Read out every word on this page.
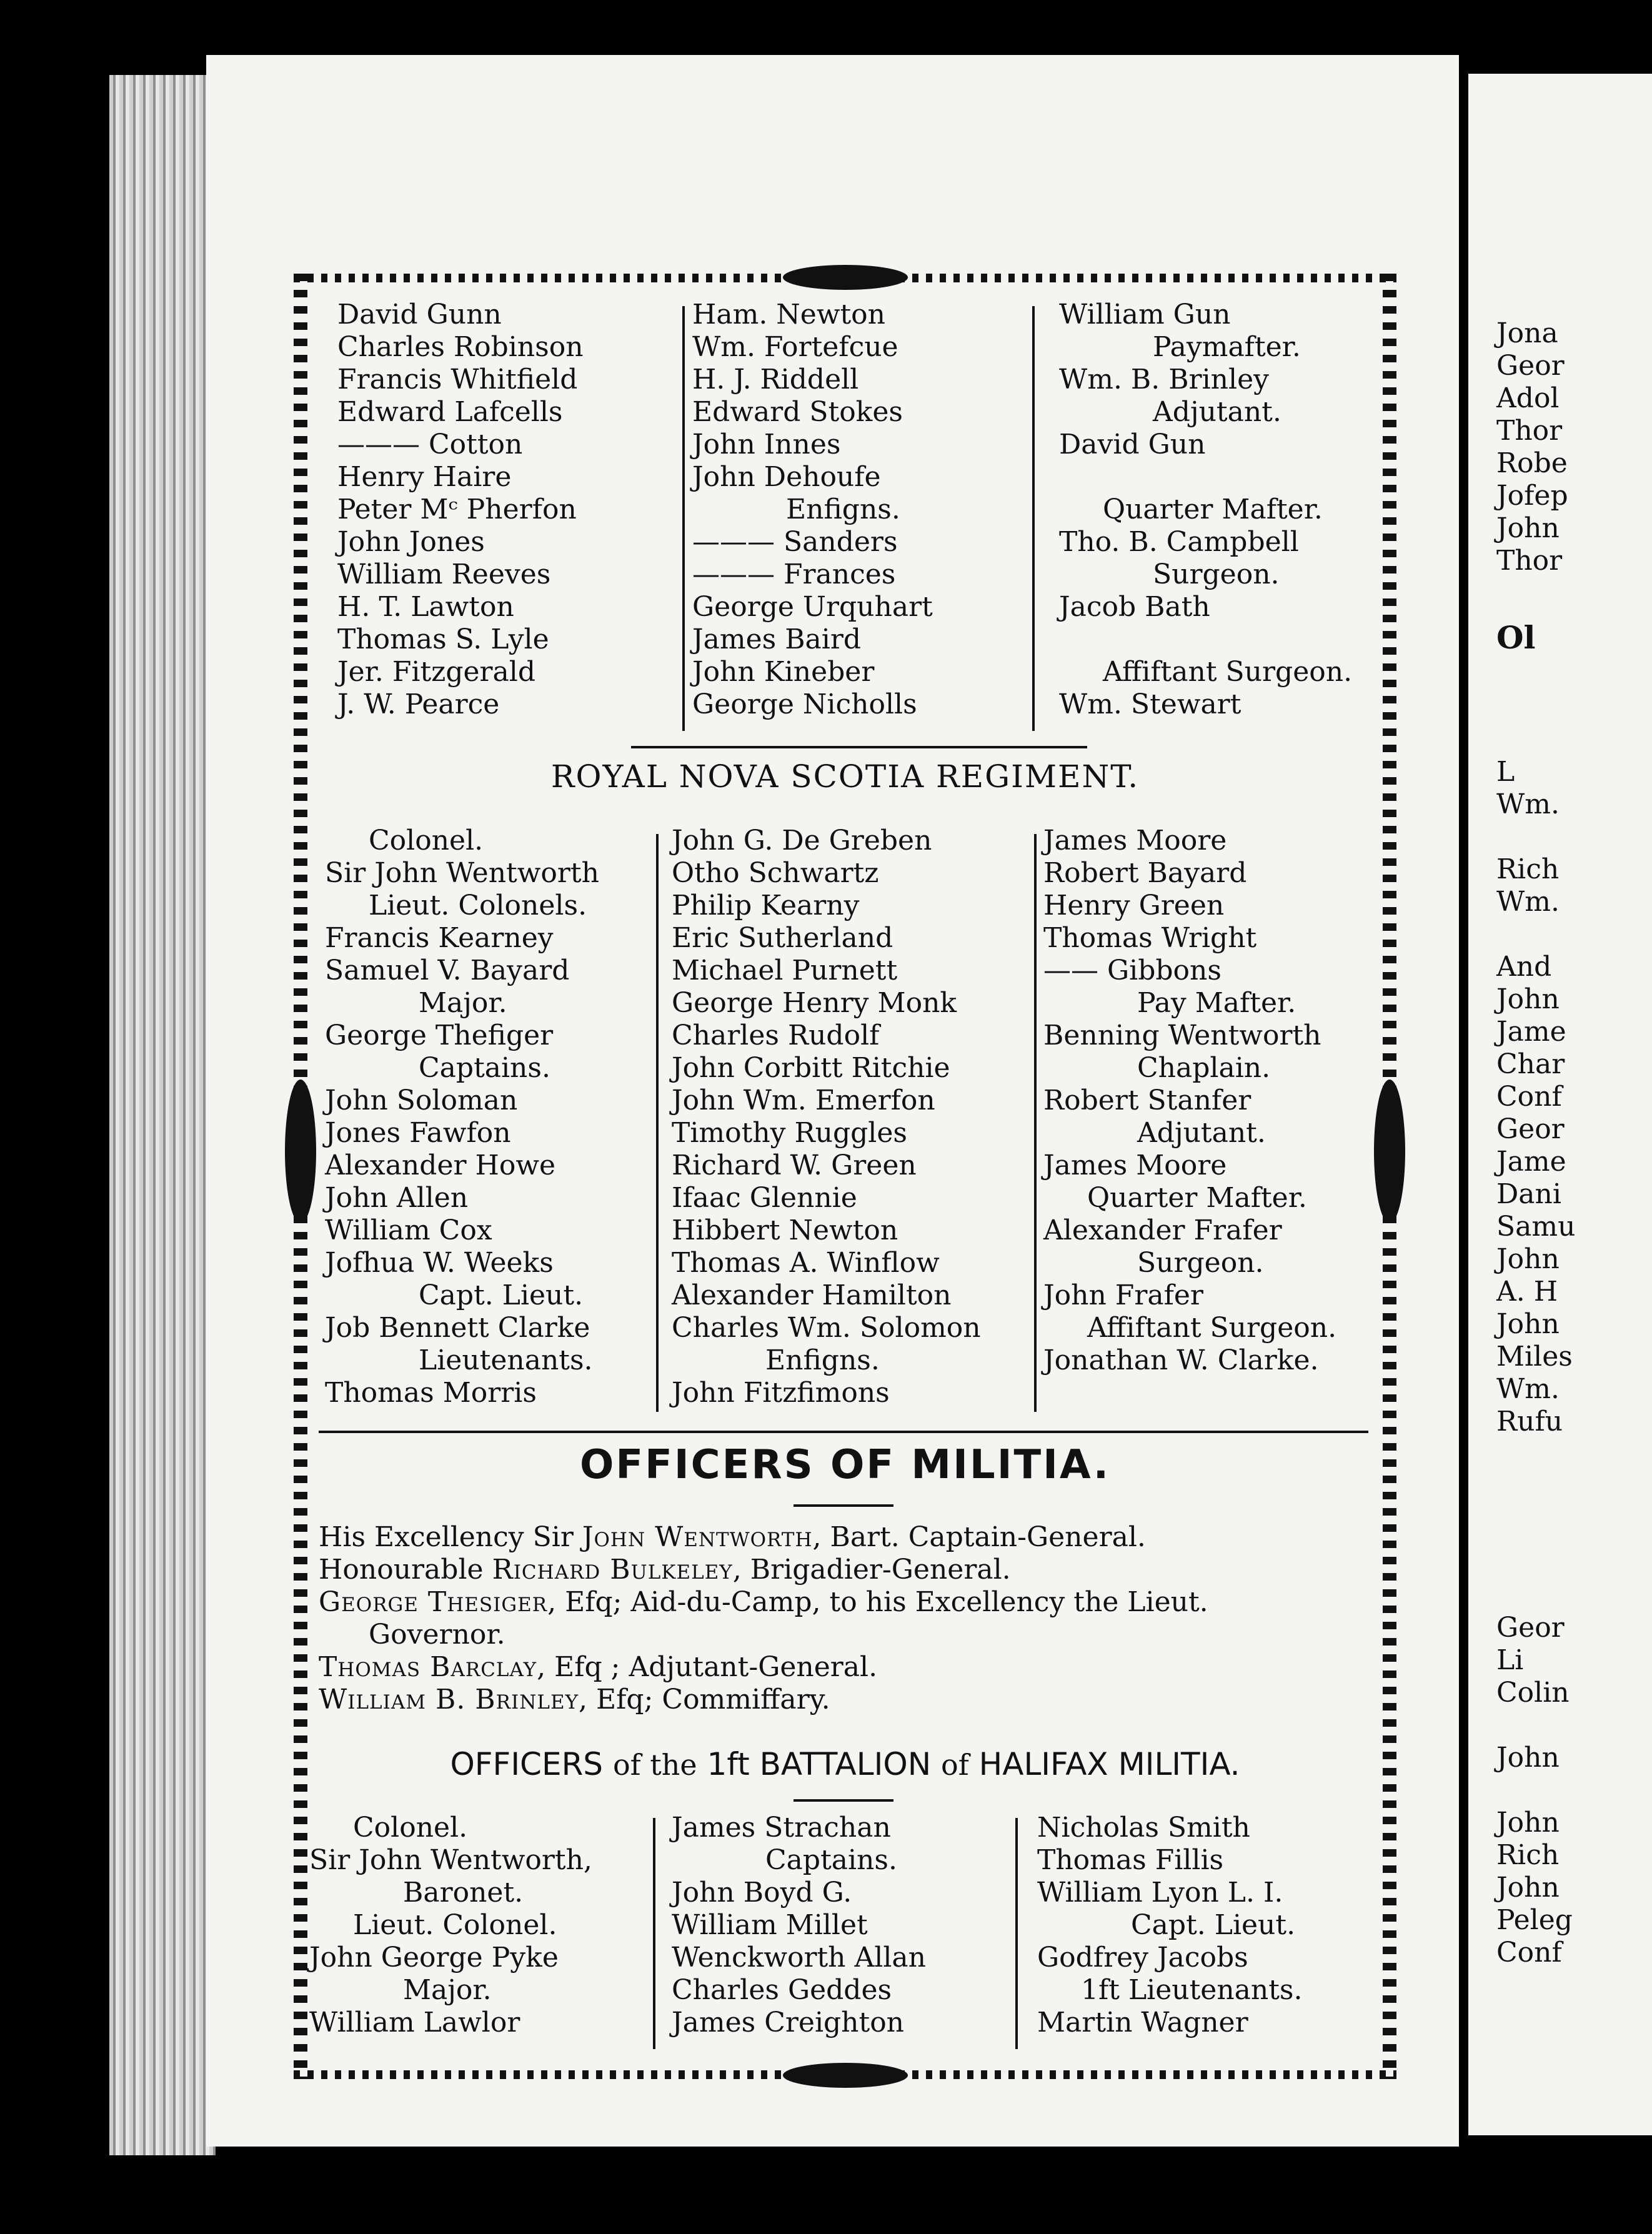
David Gunn
Charles Robinson
Francis Whitfield
Edward Lafcells
——— Cotton
Henry Haire
Peter Mᶜ Pherfon
John Jones
William Reeves
H. T. Lawton
Thomas S. Lyle
Jer. Fitzgerald
J. W. Pearce
Ham. Newton
Wm. Fortefcue
H. J. Riddell
Edward Stokes
John Innes
John Dehoufe
Enfigns.
——— Sanders
——— Frances
George Urquhart
James Baird
John Kineber
George Nicholls
William Gun
Paymafter.
Wm. B. Brinley
Adjutant.
David Gun

Quarter Mafter.
Tho. B. Campbell
Surgeon.
Jacob Bath

Affiftant Surgeon.
Wm. Stewart
ROYAL NOVA SCOTIA REGIMENT.
Colonel.
Sir John Wentworth
Lieut. Colonels.
Francis Kearney
Samuel V. Bayard
Major.
George Thefiger
Captains.
John Soloman
Jones Fawfon
Alexander Howe
John Allen
William Cox
Jofhua W. Weeks
Capt. Lieut.
Job Bennett Clarke
Lieutenants.
Thomas Morris
John G. De Greben
Otho Schwartz
Philip Kearny
Eric Sutherland
Michael Purnett
George Henry Monk
Charles Rudolf
John Corbitt Ritchie
John Wm. Emerfon
Timothy Ruggles
Richard W. Green
Ifaac Glennie
Hibbert Newton
Thomas A. Winflow
Alexander Hamilton
Charles Wm. Solomon
Enfigns.
John Fitzfimons
James Moore
Robert Bayard
Henry Green
Thomas Wright
—— Gibbons
Pay Mafter.
Benning Wentworth
Chaplain.
Robert Stanfer
Adjutant.
James Moore
Quarter Mafter.
Alexander Frafer
Surgeon.
John Frafer
Affiftant Surgeon.
Jonathan W. Clarke.
OFFICERS OF MILITIA.
His Excellency Sir John Wentworth, Bart. Captain-General.
Honourable Richard Bulkeley, Brigadier-General.
George Thesiger, Efq; Aid-du-Camp, to his Excellency the Lieut.
Governor.
Thomas Barclay, Efq ; Adjutant-General.
William B. Brinley, Efq; Commiffary.
OFFICERS of the 1ft BATTALION of HALIFAX MILITIA.
Colonel.
Sir John Wentworth,
Baronet.
Lieut. Colonel.
John George Pyke
Major.
William Lawlor
James Strachan
Captains.
John Boyd G.
William Millet
Wenckworth Allan
Charles Geddes
James Creighton
Nicholas Smith
Thomas Fillis
William Lyon L. I.
Capt. Lieut.
Godfrey Jacobs
1ft Lieutenants.
Martin Wagner
Jona
Geor
Adol
Thor
Robe
Jofep
John
Thor
Ol
L
Wm.

Rich
Wm.

And
John
Jame
Char
Conf
Geor
Jame
Dani
Samu
John
A. H
John
Miles
Wm.
Rufu
Geor
Li
Colin

John

John
Rich
John
Peleg
Conf
